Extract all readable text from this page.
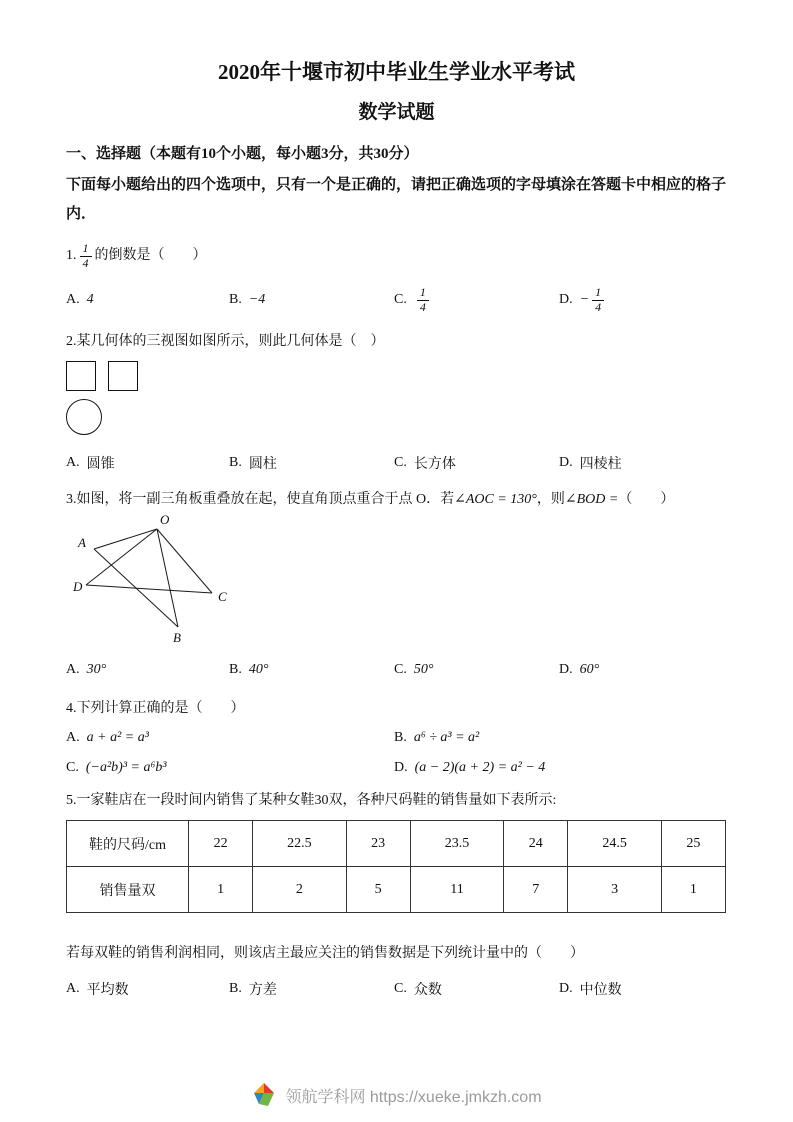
2020年十堰市初中毕业生学业水平考试
数学试题
一、选择题（本题有10个小题，每小题3分，共30分）
下面每小题给出的四个选项中，只有一个是正确的，请把正确选项的字母填涂在答题卡中相应的格子内．
1. $\frac{1}{4}$ 的倒数是（　　）
A. 4	B. −4	C. $\frac{1}{4}$	D. − $\frac{1}{4}$
2.某几何体的三视图如图所示，则此几何体是（　）
A. 圆锥	B. 圆柱	C. 长方体	D. 四棱柱
3.如图，将一副三角板重叠放在起，使直角顶点重合于点 O．若∠AOC = 130°，则∠BOD =（　　）
O
A
D
C
B
A. 30°	B. 40°	C. 50°	D. 60°
4.下列计算正确的是（　　）
A. a + a² = a³	B. a⁶ ÷ a³ = a²
C. (−a²b)³ = a⁶b³	D. (a − 2)(a + 2) = a² − 4
5.一家鞋店在一段时间内销售了某种女鞋30双，各种尺码鞋的销售量如下表所示:
鞋的尺码/cm	22	22.5	23	23.5	24	24.5	25
销售量双	1	2	5	11	7	3	1
若每双鞋的销售利润相同，则该店主最应关注的销售数据是下列统计量中的（　　）
A. 平均数	B. 方差	C. 众数	D. 中位数
领航学科网 https://xueke.jmkzh.com
